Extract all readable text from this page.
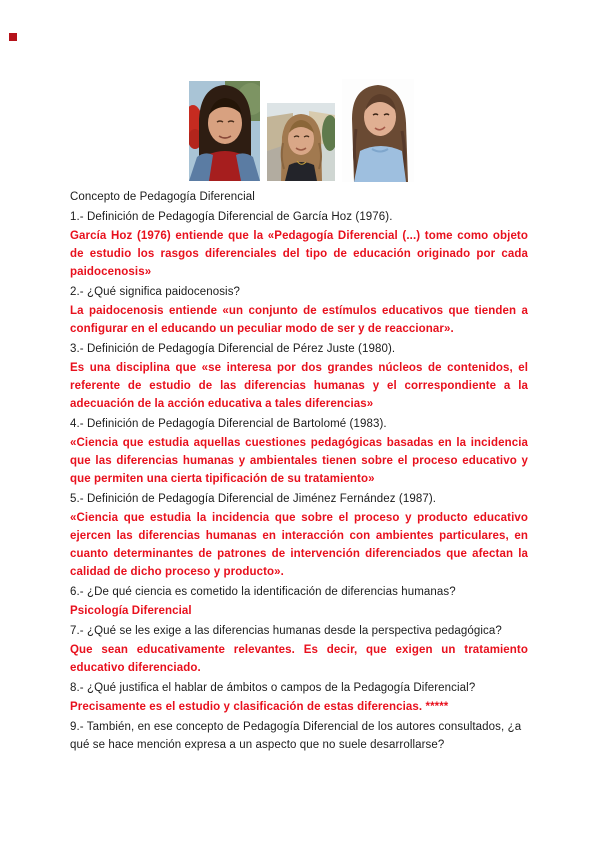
Concepto de Pedagogía Diferencial

1.- Definición de Pedagogía Diferencial de García Hoz (1976).

García Hoz (1976) entiende que la «Pedagogía Diferencial (...) tome como objeto de estudio los rasgos diferenciales del tipo de educación originado por cada paidocenosis»

2.- ¿Qué significa paidocenosis?

La paidocenosis entiende «un conjunto de estímulos educativos que tienden a configurar en el educando un peculiar modo de ser y de reaccionar».

3.- Definición de Pedagogía Diferencial de Pérez Juste (1980).

Es una disciplina que «se interesa por dos grandes núcleos de contenidos, el referente de estudio de las diferencias humanas y el correspondiente a la adecuación de la acción educativa a tales diferencias»

4.- Definición de Pedagogía Diferencial de Bartolomé (1983).

«Ciencia que estudia aquellas cuestiones pedagógicas basadas en la incidencia que las diferencias humanas y ambientales tienen sobre el proceso educativo y que permiten una cierta tipificación de su tratamiento»

5.- Definición de Pedagogía Diferencial de Jiménez Fernández (1987).

«Ciencia que estudia la incidencia que sobre el proceso y producto educativo ejercen las diferencias humanas en interacción con ambientes particulares, en cuanto determinantes de patrones de intervención diferenciados que afectan la calidad de dicho proceso y producto».

6.- ¿De qué ciencia es cometido la identificación de diferencias humanas?

Psicología Diferencial

7.- ¿Qué se les exige a las diferencias humanas desde la perspectiva pedagógica?

Que sean educativamente relevantes. Es decir, que exigen un tratamiento educativo diferenciado.

8.- ¿Qué justifica el hablar de ámbitos o campos de la Pedagogía Diferencial?

Precisamente es el estudio y clasificación de estas diferencias. *****

9.- También, en ese concepto de Pedagogía Diferencial de los autores consultados, ¿a qué se hace mención expresa a un aspecto que no suele desarrollarse?
